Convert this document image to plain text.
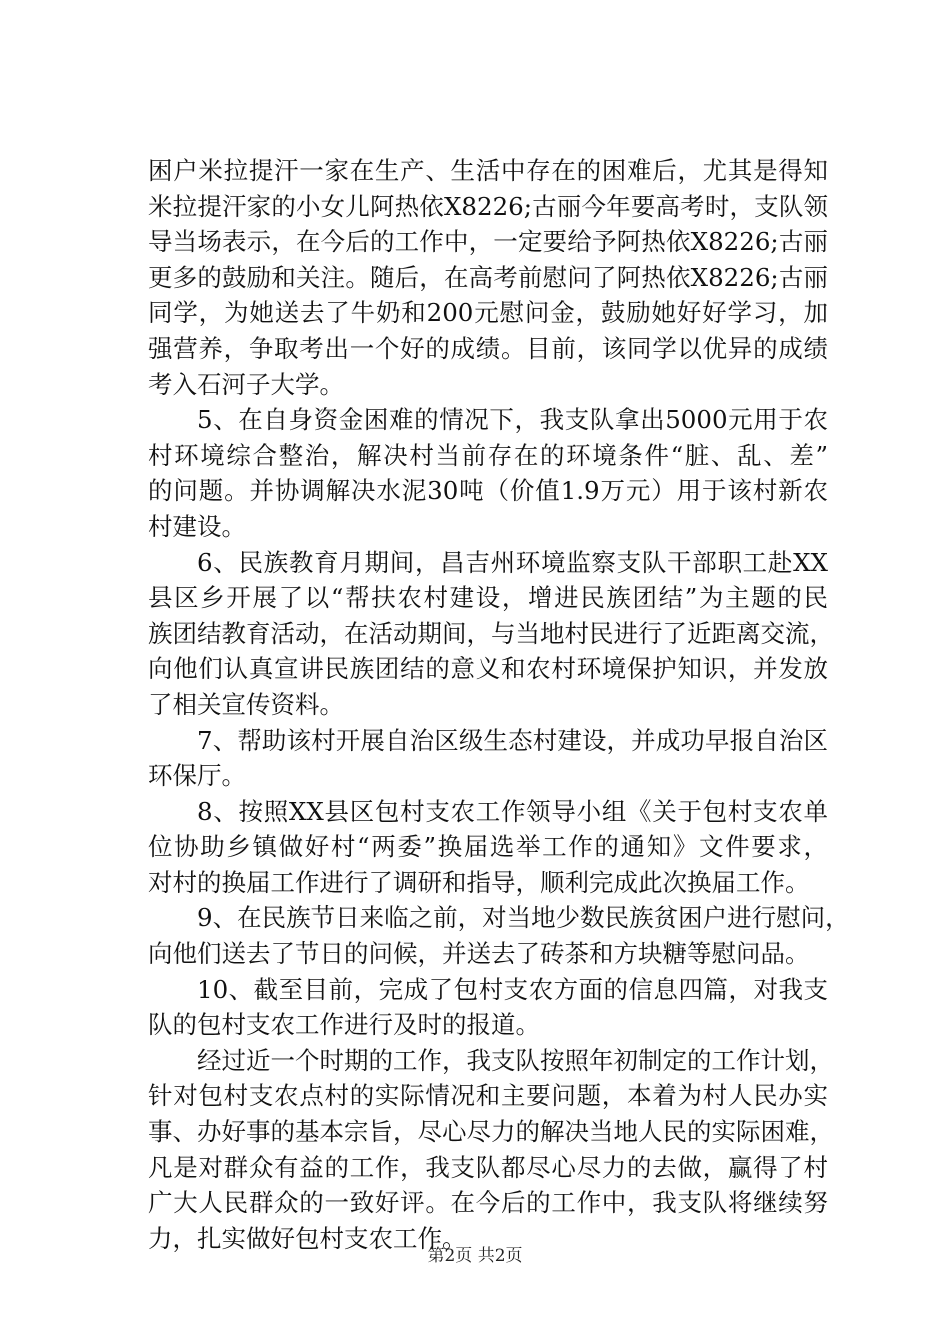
困户米拉提汗一家在生产、生活中存在的困难后，尤其是得知
米拉提汗家的小女儿阿热依X8226;古丽今年要高考时，支队领
导当场表示，在今后的工作中，一定要给予阿热依X8226;古丽
更多的鼓励和关注。随后，在高考前慰问了阿热依X8226;古丽
同学，为她送去了牛奶和200元慰问金，鼓励她好好学习，加
强营养，争取考出一个好的成绩。目前，该同学以优异的成绩
考入石河子大学。
5、在自身资金困难的情况下，我支队拿出5000元用于农
村环境综合整治，解决村当前存在的环境条件“脏、乱、差”
的问题。并协调解决水泥30吨（价值1.9万元）用于该村新农
村建设。
6、民族教育月期间，昌吉州环境监察支队干部职工赴XX
县区乡开展了以“帮扶农村建设，增进民族团结”为主题的民
族团结教育活动，在活动期间，与当地村民进行了近距离交流，
向他们认真宣讲民族团结的意义和农村环境保护知识，并发放
了相关宣传资料。
7、帮助该村开展自治区级生态村建设，并成功早报自治区
环保厅。
8、按照XX县区包村支农工作领导小组《关于包村支农单
位协助乡镇做好村“两委”换届选举工作的通知》文件要求，
对村的换届工作进行了调研和指导，顺利完成此次换届工作。
9、在民族节日来临之前，对当地少数民族贫困户进行慰问，
向他们送去了节日的问候，并送去了砖茶和方块糖等慰问品。
10、截至目前，完成了包村支农方面的信息四篇，对我支
队的包村支农工作进行及时的报道。
经过近一个时期的工作，我支队按照年初制定的工作计划，
针对包村支农点村的实际情况和主要问题，本着为村人民办实
事、办好事的基本宗旨，尽心尽力的解决当地人民的实际困难，
凡是对群众有益的工作，我支队都尽心尽力的去做，赢得了村
广大人民群众的一致好评。在今后的工作中，我支队将继续努
力，扎实做好包村支农工作。
第2页 共2页
